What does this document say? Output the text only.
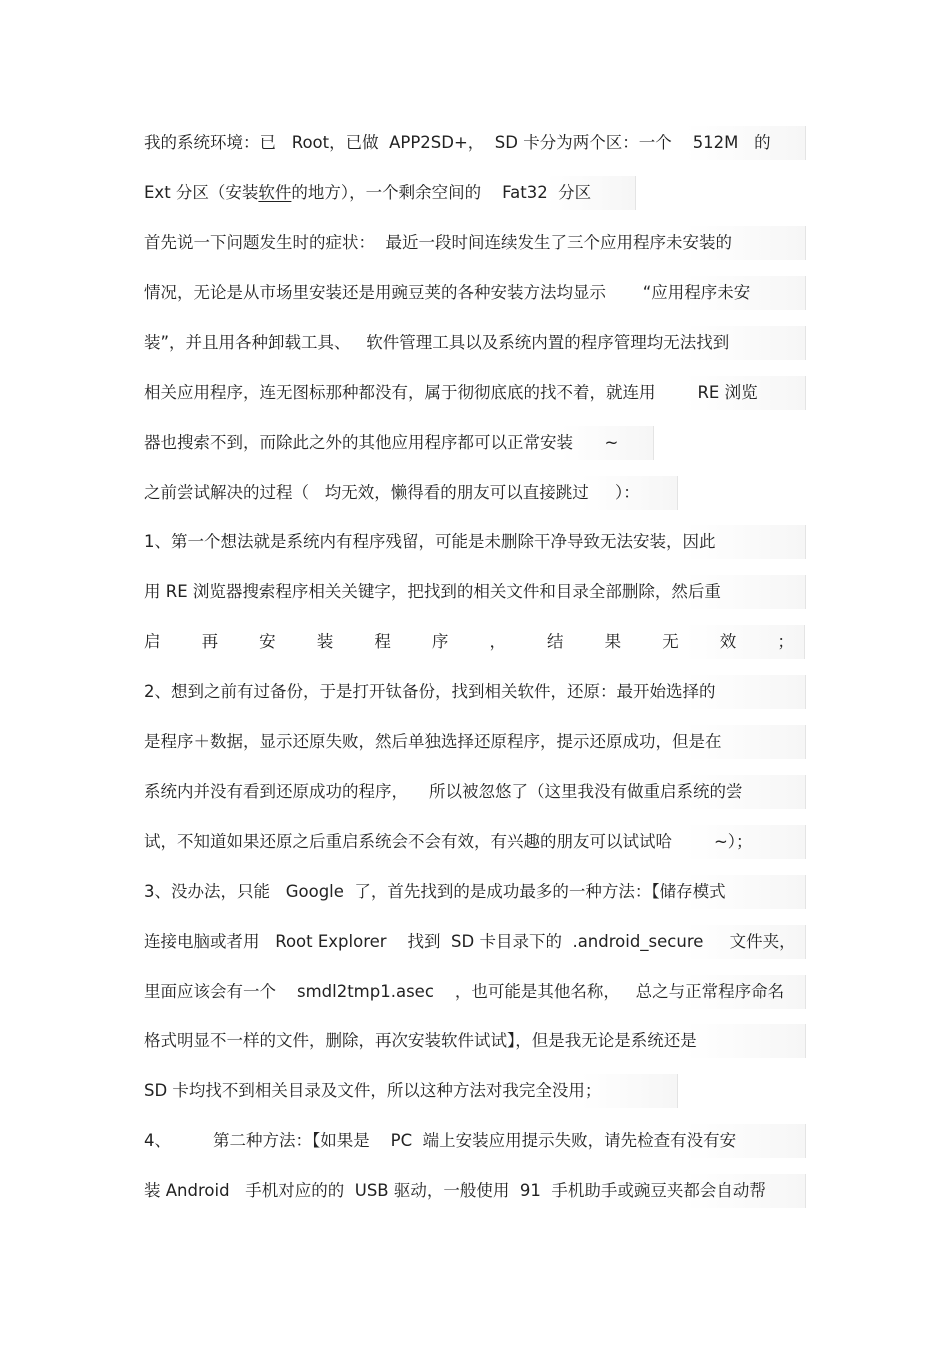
我的系统环境：已   Root，已做  APP2SD+，  SD 卡分为两个区：一个    512M   的
Ext 分区（安装软件的地方），一个剩余空间的    Fat32  分区
首先说一下问题发生时的症状：  最近一段时间连续发生了三个应用程序未安装的
情况，无论是从市场里安装还是用豌豆荚的各种安装方法均显示       “应用程序未安
装”，并且用各种卸载工具、   软件管理工具以及系统内置的程序管理均无法找到
相关应用程序，连无图标那种都没有，属于彻彻底底的找不着，就连用        RE 浏览
器也搜索不到，而除此之外的其他应用程序都可以正常安装      ~
之前尝试解决的过程（   均无效，懒得看的朋友可以直接跳过     ）：
1、第一个想法就是系统内有程序残留，可能是未删除干净导致无法安装，因此
用 RE 浏览器搜索程序相关关键字，把找到的相关文件和目录全部删除，然后重
启 再 安 装 程 序 ， 结 果 无 效 ；
2、想到之前有过备份，于是打开钛备份，找到相关软件，还原：最开始选择的
是程序＋数据，显示还原失败，然后单独选择还原程序，提示还原成功，但是在
系统内并没有看到还原成功的程序，    所以被忽悠了（这里我没有做重启系统的尝
试，不知道如果还原之后重启系统会不会有效，有兴趣的朋友可以试试哈        ~）；
3、没办法，只能   Google  了，首先找到的是成功最多的一种方法：【储存模式
连接电脑或者用   Root Explorer    找到  SD 卡目录下的  .android_secure     文件夹，
里面应该会有一个    smdl2tmp1.asec    ，也可能是其他名称，   总之与正常程序命名
格式明显不一样的文件，删除，再次安装软件试试】，但是我无论是系统还是
SD 卡均找不到相关目录及文件，所以这种方法对我完全没用；
4、        第二种方法：【如果是    PC  端上安装应用提示失败，请先检查有没有安
装 Android   手机对应的的  USB 驱动，一般使用  91  手机助手或豌豆夹都会自动帮
